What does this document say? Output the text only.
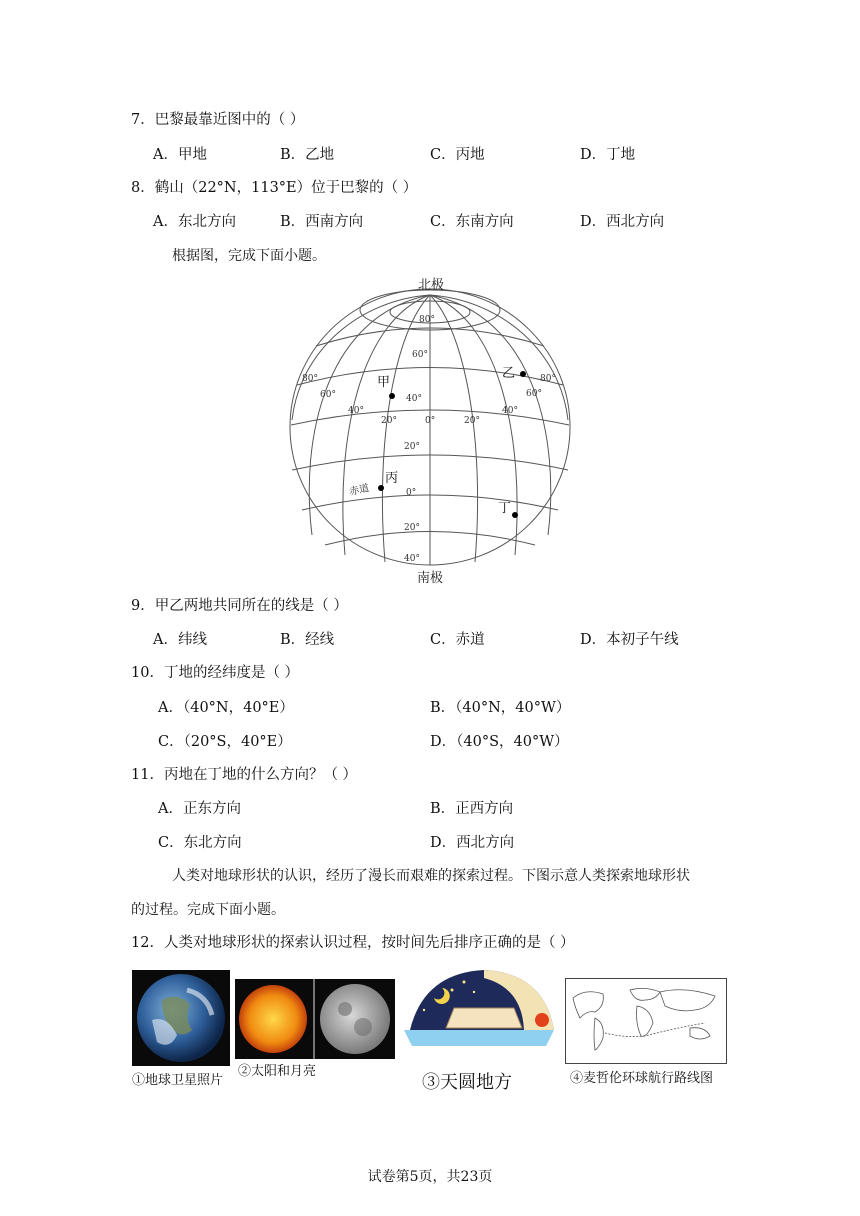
7．巴黎最靠近图中的（ ）
A．甲地	B．乙地	C．丙地	D．丁地
8．鹤山（22°N，113°E）位于巴黎的（ ）
A．东北方向	B．西南方向	C．东南方向	D．西北方向
根据图，完成下面小题。
北极
南极
80°
60°
40°
20°
0°
20°
40°
80°
60°
40°
20°	0°	20°
40°
60°
80°
赤道
甲
乙
丙
丁
9．甲乙两地共同所在的线是（ ）
A．纬线	B．经线	C．赤道	D．本初子午线
10．丁地的经纬度是（ ）
A．（40°N，40°E）	B．（40°N，40°W）
C．（20°S，40°E）	D．（40°S，40°W）
11．丙地在丁地的什么方向？（ ）
A．正东方向	B．正西方向
C．东北方向	D．西北方向
人类对地球形状的认识，经历了漫长而艰难的探索过程。下图示意人类探索地球形状
的过程。完成下面小题。
12．人类对地球形状的探索认识过程，按时间先后排序正确的是（ ）
①地球卫星照片
②太阳和月亮
③天圆地方	④麦哲伦环球航行路线图
试卷第5页，共23页
